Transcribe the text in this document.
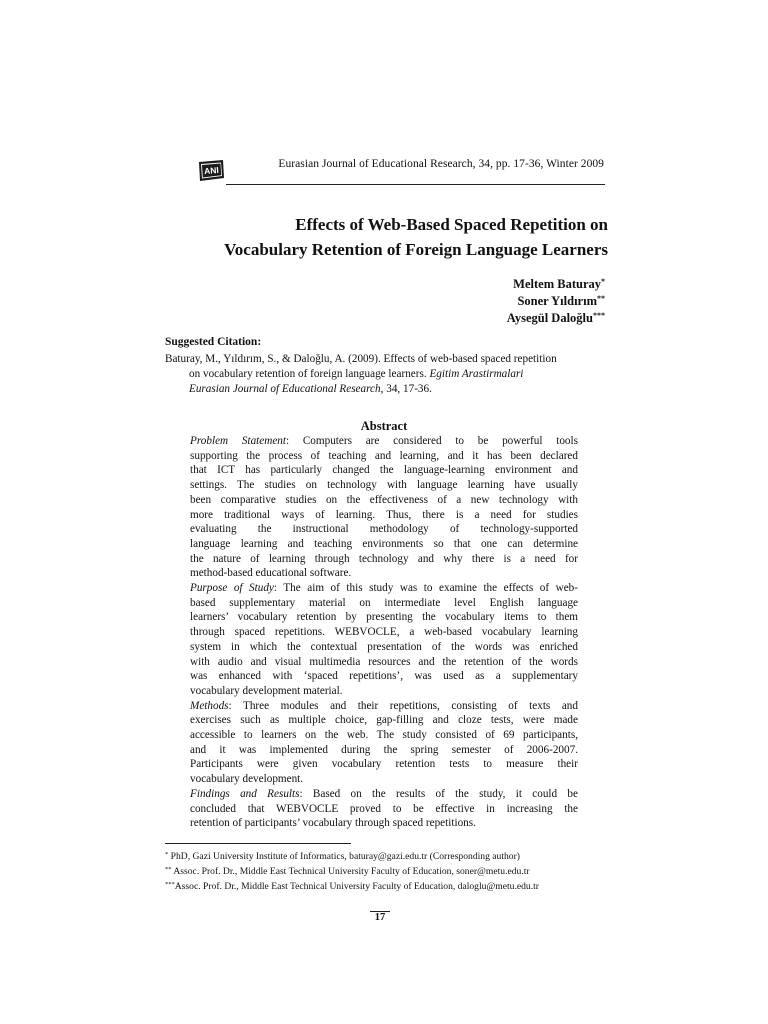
ANI
Eurasian Journal of Educational Research, 34, pp. 17-36, Winter 2009
Effects of Web-Based Spaced Repetition on
Vocabulary Retention of Foreign Language Learners
Meltem Baturay*
Soner Yıldırım**
Aysegül Daloğlu***
Suggested Citation:
Baturay, M., Yıldırım, S., & Daloğlu, A. (2009). Effects of web-based spaced repetition
on vocabulary retention of foreign language learners. Egitim Arastirmalari
Eurasian Journal of Educational Research, 34, 17-36.
Abstract
Problem Statement: Computers are considered to be powerful tools
supporting the process of teaching and learning, and it has been declared
that ICT has particularly changed the language-learning environment and
settings. The studies on technology with language learning have usually
been comparative studies on the effectiveness of a new technology with
more traditional ways of learning. Thus, there is a need for studies
evaluating the instructional methodology of technology-supported
language learning and teaching environments so that one can determine
the nature of learning through technology and why there is a need for
method-based educational software.
Purpose of Study: The aim of this study was to examine the effects of web-
based supplementary material on intermediate level English language
learners’ vocabulary retention by presenting the vocabulary items to them
through spaced repetitions. WEBVOCLE, a web-based vocabulary learning
system in which the contextual presentation of the words was enriched
with audio and visual multimedia resources and the retention of the words
was enhanced with ‘spaced repetitions’, was used as a supplementary
vocabulary development material.
Methods: Three modules and their repetitions, consisting of texts and
exercises such as multiple choice, gap-filling and cloze tests, were made
accessible to learners on the web. The study consisted of 69 participants,
and it was implemented during the spring semester of 2006-2007.
Participants were given vocabulary retention tests to measure their
vocabulary development.
Findings and Results: Based on the results of the study, it could be
concluded that WEBVOCLE proved to be effective in increasing the
retention of participants’ vocabulary through spaced repetitions.
* PhD, Gazi University Institute of Informatics, baturay@gazi.edu.tr (Corresponding author)
** Assoc. Prof. Dr., Middle East Technical University Faculty of Education, soner@metu.edu.tr
***Assoc. Prof. Dr., Middle East Technical University Faculty of Education, daloglu@metu.edu.tr
17
